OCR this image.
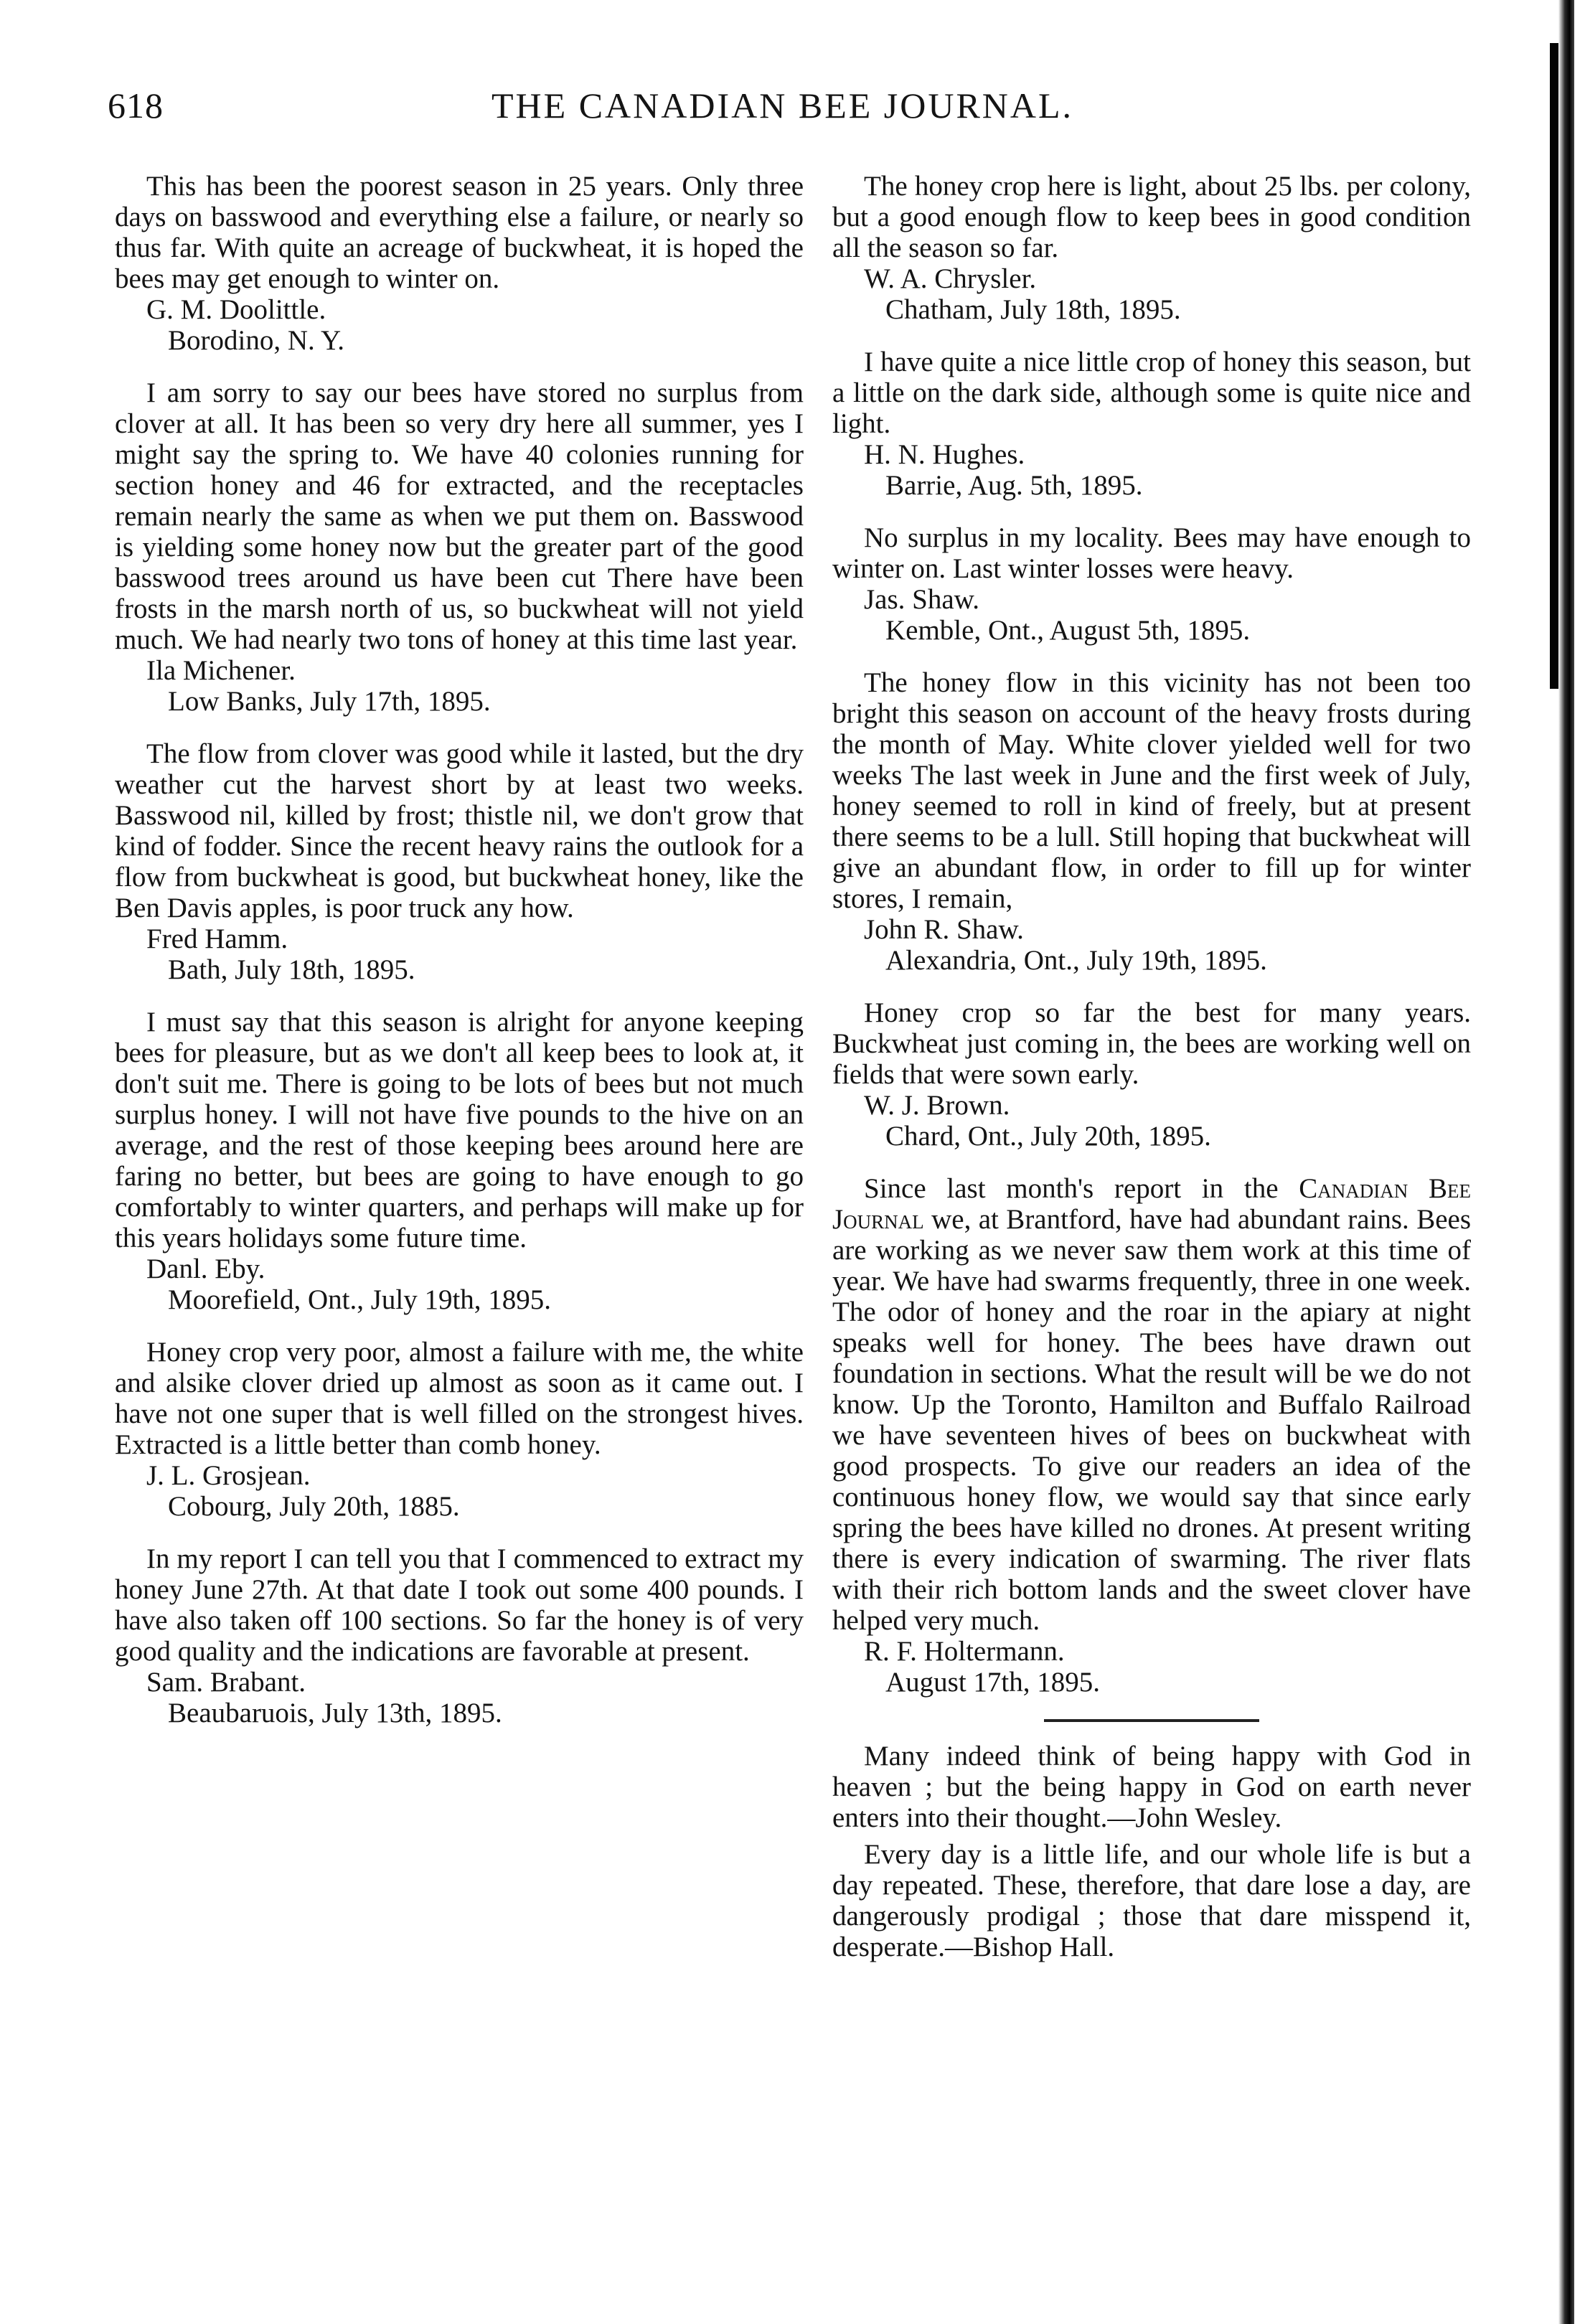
618	THE CANADIAN BEE JOURNAL.

This has been the poorest season in 25 years. Only three days on basswood and everything else a failure, or nearly so thus far. With quite an acreage of buckwheat, it is hoped the bees may get enough to winter on.

G. M. Doolittle.

Borodino, N. Y.

I am sorry to say our bees have stored no surplus from clover at all. It has been so very dry here all summer, yes I might say the spring to. We have 40 colonies running for section honey and 46 for extracted, and the receptacles remain nearly the same as when we put them on. Basswood is yielding some honey now but the greater part of the good basswood trees around us have been cut There have been frosts in the marsh north of us, so buckwheat will not yield much. We had nearly two tons of honey at this time last year.

Ila Michener.

Low Banks, July 17th, 1895.

The flow from clover was good while it lasted, but the dry weather cut the harvest short by at least two weeks. Basswood nil, killed by frost; thistle nil, we don't grow that kind of fodder. Since the recent heavy rains the outlook for a flow from buckwheat is good, but buckwheat honey, like the Ben Davis apples, is poor truck any how.

Fred Hamm.

Bath, July 18th, 1895.

I must say that this season is alright for anyone keeping bees for pleasure, but as we don't all keep bees to look at, it don't suit me. There is going to be lots of bees but not much surplus honey. I will not have five pounds to the hive on an average, and the rest of those keeping bees around here are faring no better, but bees are going to have enough to go comfortably to winter quarters, and perhaps will make up for this years holidays some future time.

Danl. Eby.

Moorefield, Ont., July 19th, 1895.

Honey crop very poor, almost a failure with me, the white and alsike clover dried up almost as soon as it came out. I have not one super that is well filled on the strongest hives. Extracted is a little better than comb honey.

J. L. Grosjean.

Cobourg, July 20th, 1885.

In my report I can tell you that I commenced to extract my honey June 27th. At that date I took out some 400 pounds. I have also taken off 100 sections. So far the honey is of very good quality and the indications are favorable at present.

Sam. Brabant.

Beaubaruois, July 13th, 1895.

The honey crop here is light, about 25 lbs. per colony, but a good enough flow to keep bees in good condition all the season so far.

W. A. Chrysler.

Chatham, July 18th, 1895.

I have quite a nice little crop of honey this season, but a little on the dark side, although some is quite nice and light.

H. N. Hughes.

Barrie, Aug. 5th, 1895.

No surplus in my locality. Bees may have enough to winter on. Last winter losses were heavy.

Jas. Shaw.

Kemble, Ont., August 5th, 1895.

The honey flow in this vicinity has not been too bright this season on account of the heavy frosts during the month of May. White clover yielded well for two weeks The last week in June and the first week of July, honey seemed to roll in kind of freely, but at present there seems to be a lull. Still hoping that buckwheat will give an abundant flow, in order to fill up for winter stores, I remain,

John R. Shaw.

Alexandria, Ont., July 19th, 1895.

Honey crop so far the best for many years. Buckwheat just coming in, the bees are working well on fields that were sown early.

W. J. Brown.

Chard, Ont., July 20th, 1895.

Since last month's report in the Canadian Bee Journal we, at Brantford, have had abundant rains. Bees are working as we never saw them work at this time of year. We have had swarms frequently, three in one week. The odor of honey and the roar in the apiary at night speaks well for honey. The bees have drawn out foundation in sections. What the result will be we do not know. Up the Toronto, Hamilton and Buffalo Railroad we have seventeen hives of bees on buckwheat with good prospects. To give our readers an idea of the continuous honey flow, we would say that since early spring the bees have killed no drones. At present writing there is every indication of swarming. The river flats with their rich bottom lands and the sweet clover have helped very much.

R. F. Holtermann.

August 17th, 1895.

Many indeed think of being happy with God in heaven ; but the being happy in God on earth never enters into their thought.—John Wesley.

Every day is a little life, and our whole life is but a day repeated. These, therefore, that dare lose a day, are dangerously prodigal ; those that dare misspend it, desperate.—Bishop Hall.
